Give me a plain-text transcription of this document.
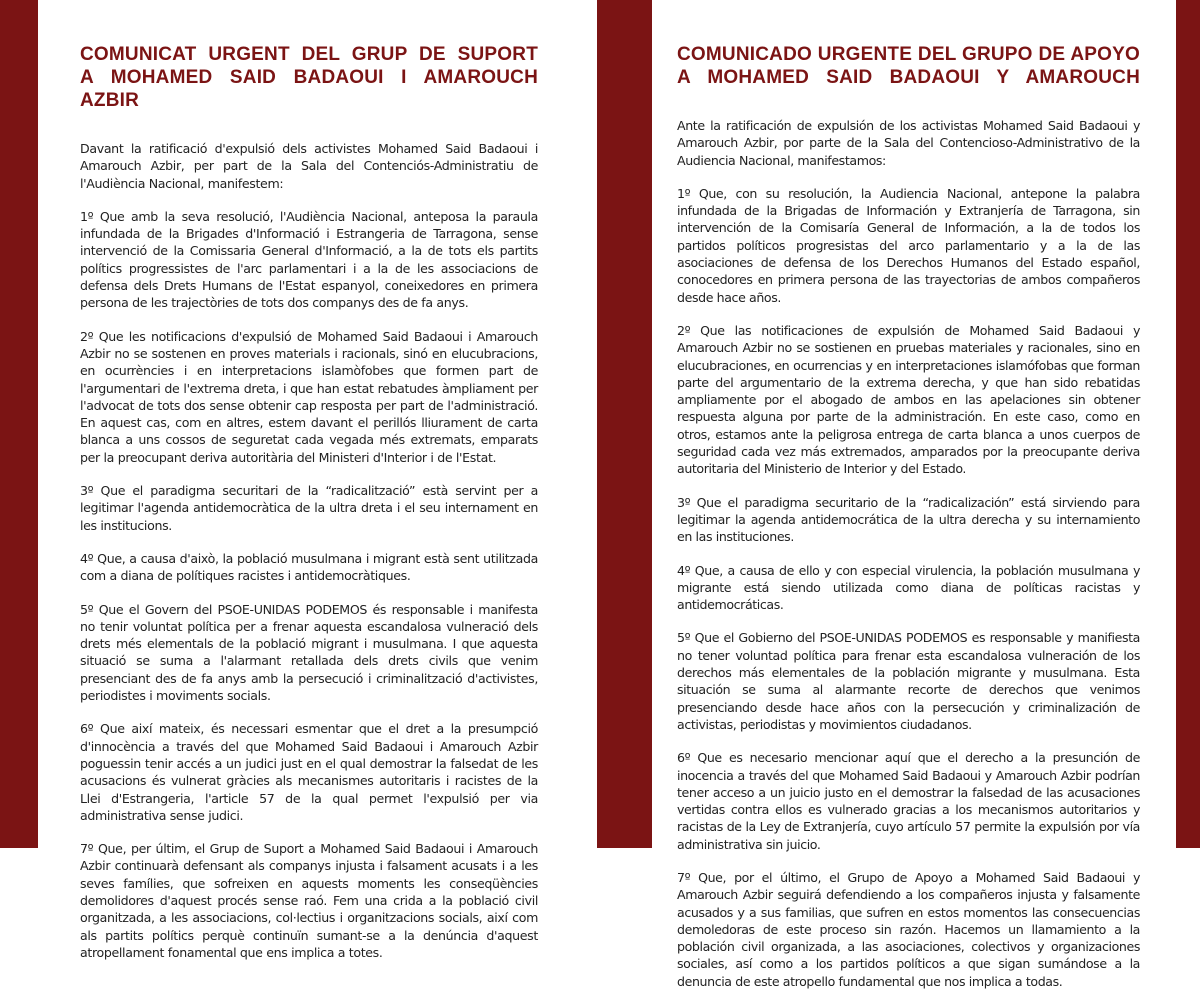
COMUNICAT URGENT DEL GRUP DE SUPORT
A MOHAMED SAID BADAOUI I AMAROUCH AZBIR

Davant la ratificació d'expulsió dels activistes Mohamed Said Badaoui i Amarouch Azbir, per part de la Sala del Contenciós-Administratiu de l'Audiència Nacional, manifestem:

1º Que amb la seva resolució, l'Audiència Nacional, anteposa la paraula infundada de la Brigades d'Informació i Estrangeria de Tarragona, sense intervenció de la Comissaria General d'Informació, a la de tots els partits polítics progressistes de l'arc parlamentari i a la de les associacions de defensa dels Drets Humans de l'Estat espanyol, coneixedores en primera persona de les trajectòries de tots dos companys des de fa anys.

2º Que les notificacions d'expulsió de Mohamed Said Badaoui i Amarouch Azbir no se sostenen en proves materials i racionals, sinó en elucubracions, en ocurrències i en interpretacions islamòfobes que formen part de l'argumentari de l'extrema dreta, i que han estat rebatudes àmpliament per l'advocat de tots dos sense obtenir cap resposta per part de l'administració. En aquest cas, com en altres, estem davant el perillós lliurament de carta blanca a uns cossos de seguretat cada vegada més extremats, emparats per la preocupant deriva autoritària del Ministeri d'Interior i de l'Estat.

3º Que el paradigma securitari de la “radicalització” està servint per a legitimar l'agenda antidemocràtica de la ultra dreta i el seu internament en les institucions.

4º Que, a causa d'això, la població musulmana i migrant està sent utilitzada com a diana de polítiques racistes i antidemocràtiques.

5º Que el Govern del PSOE-UNIDAS PODEMOS és responsable i manifesta no tenir voluntat política per a frenar aquesta escandalosa vulneració dels drets més elementals de la població migrant i musulmana. I que aquesta situació se suma a l'alarmant retallada dels drets civils que venim presenciant des de fa anys amb la persecució i criminalització d'activistes, periodistes i moviments socials.

6º Que així mateix, és necessari esmentar que el dret a la presumpció d'innocència a través del que Mohamed Said Badaoui i Amarouch Azbir poguessin tenir accés a un judici just en el qual demostrar la falsedat de les acusacions és vulnerat gràcies als mecanismes autoritaris i racistes de la Llei d'Estrangeria, l'article 57 de la qual permet l'expulsió per via administrativa sense judici.

7º Que, per últim, el Grup de Suport a Mohamed Said Badaoui i Amarouch Azbir continuarà defensant als companys injusta i falsament acusats i a les seves famílies, que sofreixen en aquests moments les conseqüències demolidores d'aquest procés sense raó. Fem una crida a la població civil organitzada, a les associacions, col·lectius i organitzacions socials, així com als partits polítics perquè continuïn sumant-se a la denúncia d'aquest atropellament fonamental que ens implica a totes.

COMUNICADO URGENTE DEL GRUPO DE APOYO
A MOHAMED SAID BADAOUI Y AMAROUCH

Ante la ratificación de expulsión de los activistas Mohamed Said Badaoui y Amarouch Azbir, por parte de la Sala del Contencioso-Administrativo de la Audiencia Nacional, manifestamos:

1º Que, con su resolución, la Audiencia Nacional, antepone la palabra infundada de la Brigadas de Información y Extranjería de Tarragona, sin intervención de la Comisaría General de Información, a la de todos los partidos políticos progresistas del arco parlamentario y a la de las asociaciones de defensa de los Derechos Humanos del Estado español, conocedores en primera persona de las trayectorias de ambos compañeros desde hace años.

2º Que las notificaciones de expulsión de Mohamed Said Badaoui y Amarouch Azbir no se sostienen en pruebas materiales y racionales, sino en elucubraciones, en ocurrencias y en interpretaciones islamófobas que forman parte del argumentario de la extrema derecha, y que han sido rebatidas ampliamente por el abogado de ambos en las apelaciones sin obtener respuesta alguna por parte de la administración. En este caso, como en otros, estamos ante la peligrosa entrega de carta blanca a unos cuerpos de seguridad cada vez más extremados, amparados por la preocupante deriva autoritaria del Ministerio de Interior y del Estado.

3º Que el paradigma securitario de la “radicalización” está sirviendo para legitimar la agenda antidemocrática de la ultra derecha y su internamiento en las instituciones.

4º Que, a causa de ello y con especial virulencia, la población musulmana y migrante está siendo utilizada como diana de políticas racistas y antidemocráticas.

5º Que el Gobierno del PSOE-UNIDAS PODEMOS es responsable y manifiesta no tener voluntad política para frenar esta escandalosa vulneración de los derechos más elementales de la población migrante y musulmana. Esta situación se suma al alarmante recorte de derechos que venimos presenciando desde hace años con la persecución y criminalización de activistas, periodistas y movimientos ciudadanos.

6º Que es necesario mencionar aquí que el derecho a la presunción de inocencia a través del que Mohamed Said Badaoui y Amarouch Azbir podrían tener acceso a un juicio justo en el demostrar la falsedad de las acusaciones vertidas contra ellos es vulnerado gracias a los mecanismos autoritarios y racistas de la Ley de Extranjería, cuyo artículo 57 permite la expulsión por vía administrativa sin juicio.

7º Que, por el último, el Grupo de Apoyo a Mohamed Said Badaoui y Amarouch Azbir seguirá defendiendo a los compañeros injusta y falsamente acusados y a sus familias, que sufren en estos momentos las consecuencias demoledoras de este proceso sin razón. Hacemos un llamamiento a la población civil organizada, a las asociaciones, colectivos y organizaciones sociales, así como a los partidos políticos a que sigan sumándose a la denuncia de este atropello fundamental que nos implica a todas.
